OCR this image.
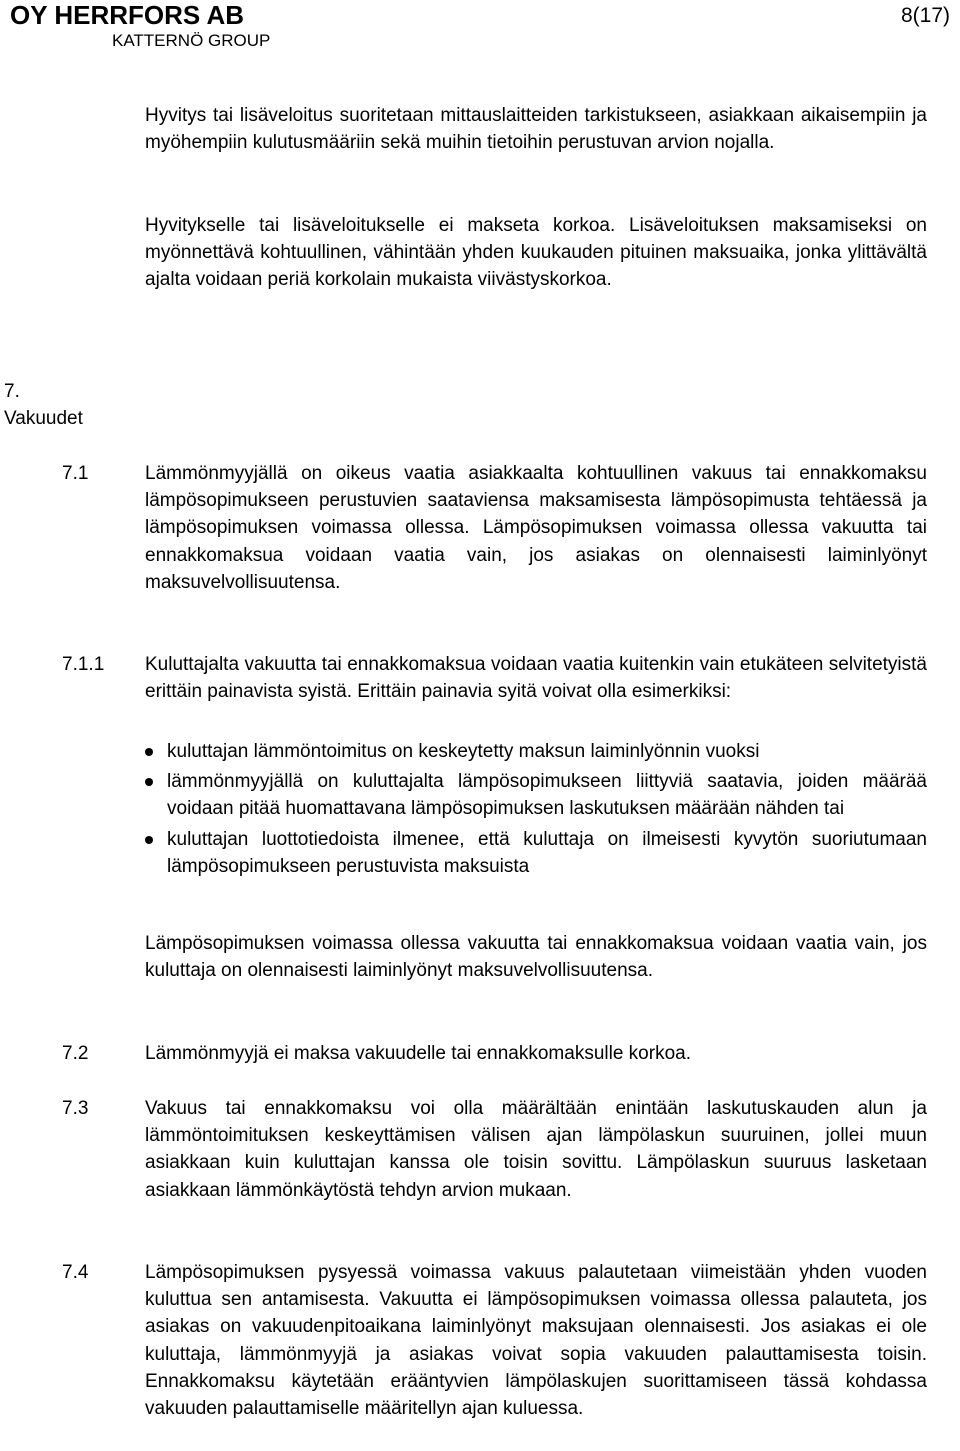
OY HERRFORS AB
KATTERNÖ GROUP
8(17)

Hyvitys tai lisäveloitus suoritetaan mittauslaitteiden tarkistukseen, asiakkaan aikaisempiin ja myöhempiin kulutusmääriin sekä muihin tietoihin perustuvan arvion nojalla.

Hyvitykselle tai lisäveloitukselle ei makseta korkoa. Lisäveloituksen maksamiseksi on myönnettävä kohtuullinen, vähintään yhden kuukauden pituinen maksuaika, jonka ylittävältä ajalta voidaan periä korkolain mukaista viivästyskorkoa.

7.
Vakuudet
7.1	Lämmönmyyjällä on oikeus vaatia asiakkaalta kohtuullinen vakuus tai ennakkomaksu lämpösopimukseen perustuvien saataviensa maksamisesta lämpösopimusta tehtäessä ja lämpösopimuksen voimassa ollessa. Lämpösopimuksen voimassa ollessa vakuutta tai ennakkomaksua voidaan vaatia vain, jos asiakas on olennaisesti laiminlyönyt maksuvelvollisuutensa.

7.1.1 Kuluttajalta vakuutta tai ennakkomaksua voidaan vaatia kuitenkin vain etukäteen selvitetyistä erittäin painavista syistä. Erittäin painavia syitä voivat olla esimerkiksi:

kuluttajan lämmöntoimitus on keskeytetty maksun laiminlyönnin vuoksi
lämmönmyyjällä on kuluttajalta lämpösopimukseen liittyviä saatavia, joiden määrää voidaan pitää huomattavana lämpösopimuksen laskutuksen määrään nähden tai
kuluttajan luottotiedoista ilmenee, että kuluttaja on ilmeisesti kyvytön suoriutumaan lämpösopimukseen perustuvista maksuista

Lämpösopimuksen voimassa ollessa vakuutta tai ennakkomaksua voidaan vaatia vain, jos kuluttaja on olennaisesti laiminlyönyt maksuvelvollisuutensa.

7.2	Lämmönmyyjä ei maksa vakuudelle tai ennakkomaksulle korkoa.

7.3	Vakuus tai ennakkomaksu voi olla määrältään enintään laskutuskauden alun ja lämmöntoimituksen keskeyttämisen välisen ajan lämpölaskun suuruinen, jollei muun asiakkaan kuin kuluttajan kanssa ole toisin sovittu. Lämpölaskun suuruus lasketaan asiakkaan lämmönkäytöstä tehdyn arvion mukaan.

7.4	Lämpösopimuksen pysyessä voimassa vakuus palautetaan viimeistään yhden vuoden kuluttua sen antamisesta. Vakuutta ei lämpösopimuksen voimassa ollessa palauteta, jos asiakas on vakuudenpitoaikana laiminlyönyt maksujaan olennaisesti. Jos asiakas ei ole kuluttaja, lämmönmyyjä ja asiakas voivat sopia vakuuden palauttamisesta toisin. Ennakkomaksu käytetään erääntyvien lämpölaskujen suorittamiseen tässä kohdassa vakuuden palauttamiselle määritellyn ajan kuluessa.
